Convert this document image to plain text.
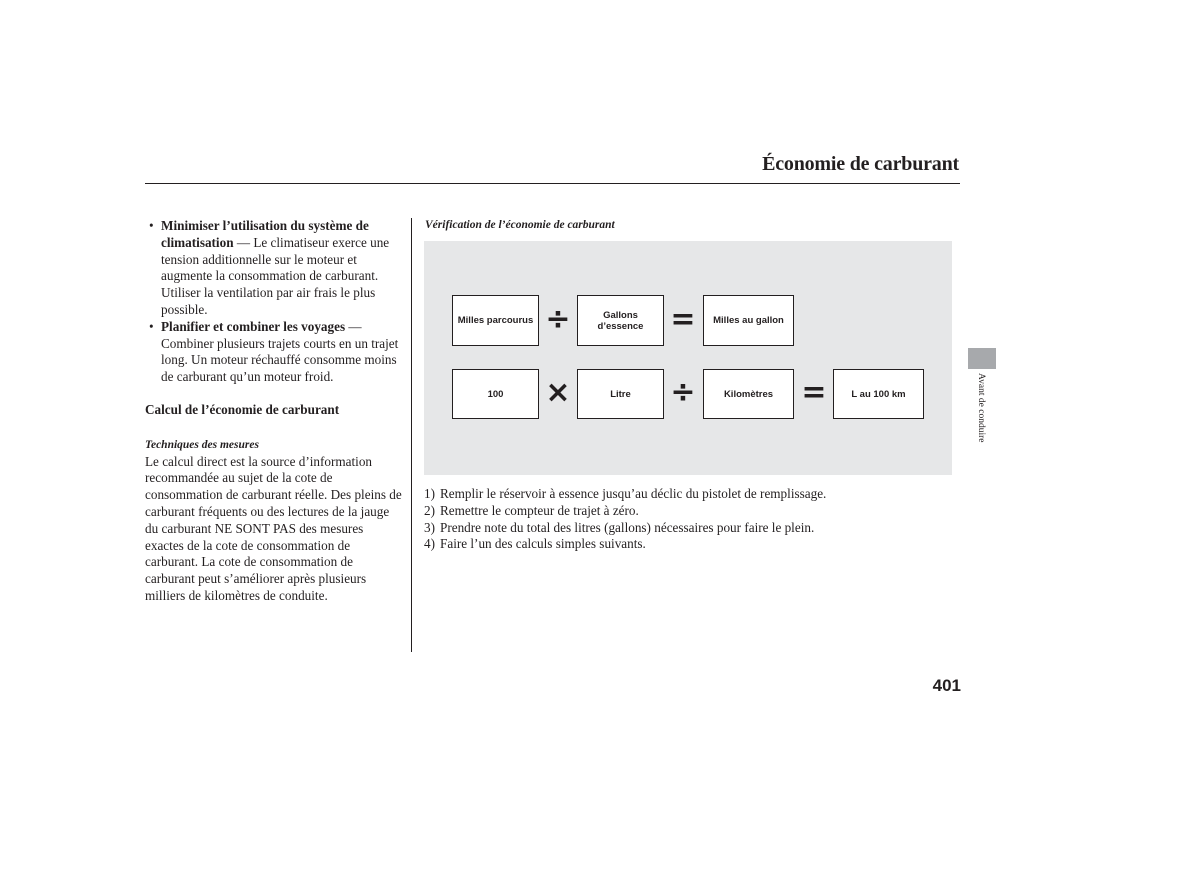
Économie de carburant

• Minimiser l’utilisation du système de climatisation — Le climatiseur exerce une tension additionnelle sur le moteur et augmente la consommation de carburant. Utiliser la ventilation par air frais le plus possible.

• Planifier et combiner les voyages — Combiner plusieurs trajets courts en un trajet long. Un moteur réchauffé consomme moins de carburant qu’un moteur froid.

Calcul de l’économie de carburant

Techniques des mesures

Le calcul direct est la source d’information recommandée au sujet de la cote de consommation de carburant réelle. Des pleins de carburant fréquents ou des lectures de la jauge du carburant NE SONT PAS des mesures exactes de la cote de consommation de carburant. La cote de consommation de carburant peut s’améliorer après plusieurs milliers de kilomètres de conduite.

Vérification de l’économie de carburant
Milles parcourus ÷	Gallons
d’essence =	Milles au gallon
100	×	Litre	÷	Kilomètres =	L au 100 km
1) Remplir le réservoir à essence jusqu’au déclic du pistolet de remplissage.
2) Remettre le compteur de trajet à zéro.
3) Prendre note du total des litres (gallons) nécessaires pour faire le plein.
4) Faire l’un des calculs simples suivants.
401
Avant de conduire
